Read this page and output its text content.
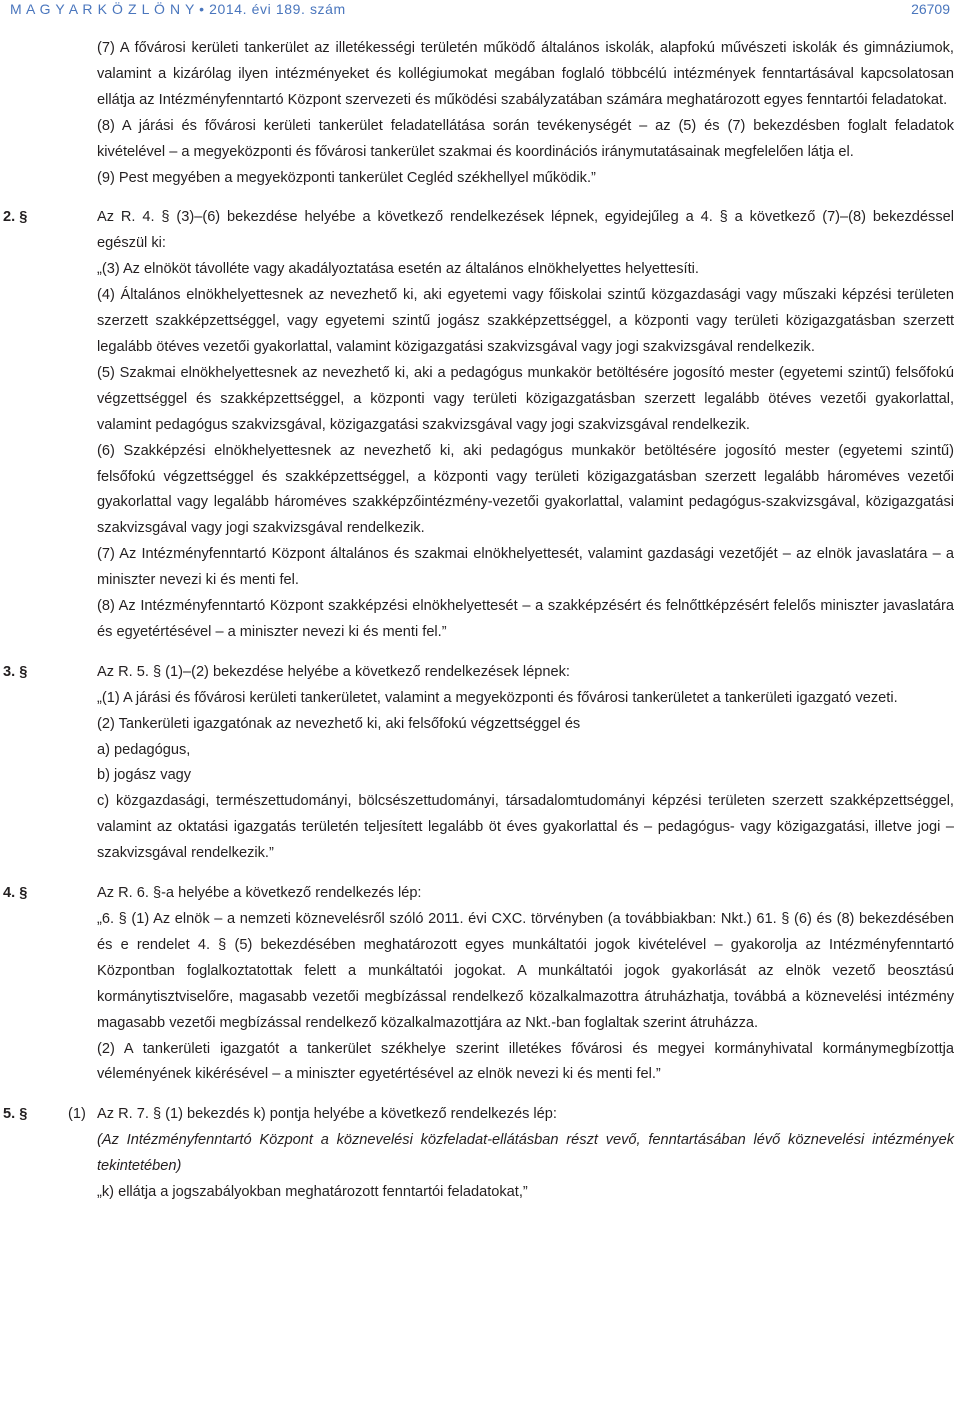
M A G Y A R K Ö Z L Ö N Y • 2014. évi 189. szám	26709
(7) A fővárosi kerületi tankerület az illetékességi területén működő általános iskolák, alapfokú művészeti iskolák és gimnáziumok, valamint a kizárólag ilyen intézményeket és kollégiumokat megában foglaló többcélú intézmények fenntartásával kapcsolatosan ellátja az Intézményfenntartó Központ szervezeti és működési szabályzatában számára meghatározott egyes fenntartói feladatokat.
(8) A járási és fővárosi kerületi tankerület feladatellátása során tevékenységét – az (5) és (7) bekezdésben foglalt feladatok kivételével – a megyeközponti és fővárosi tankerület szakmai és koordinációs iránymutatásainak megfelelően látja el.
(9) Pest megyében a megyeközponti tankerület Cegléd székhellyel működik.”
2. §	Az R. 4. § (3)–(6) bekezdése helyébe a következő rendelkezések lépnek, egyidejűleg a 4. § a következő (7)–(8) bekezdéssel egészül ki:
„(3) Az elnököt távolléte vagy akadályoztatása esetén az általános elnökhelyettes helyettesíti.
(4) Általános elnökhelyettesnek az nevezhető ki, aki egyetemi vagy főiskolai szintű közgazdasági vagy műszaki képzési területen szerzett szakképzettséggel, vagy egyetemi szintű jogász szakképzettséggel, a központi vagy területi közigazgatásban szerzett legalább ötéves vezetői gyakorlattal, valamint közigazgatási szakvizsgával vagy jogi szakvizsgával rendelkezik.
(5) Szakmai elnökhelyettesnek az nevezhető ki, aki a pedagógus munkakör betöltésére jogosító mester (egyetemi szintű) felsőfokú végzettséggel és szakképzettséggel, a központi vagy területi közigazgatásban szerzett legalább ötéves vezetői gyakorlattal, valamint pedagógus szakvizsgával, közigazgatási szakvizsgával vagy jogi szakvizsgával rendelkezik.
(6) Szakképzési elnökhelyettesnek az nevezhető ki, aki pedagógus munkakör betöltésére jogosító mester (egyetemi szintű) felsőfokú végzettséggel és szakképzettséggel, a központi vagy területi közigazgatásban szerzett legalább hároméves vezetői gyakorlattal vagy legalább hároméves szakképzőintézmény-vezetői gyakorlattal, valamint pedagógus-szakvizsgával, közigazgatási szakvizsgával vagy jogi szakvizsgával rendelkezik.
(7) Az Intézményfenntartó Központ általános és szakmai elnökhelyettesét, valamint gazdasági vezetőjét – az elnök javaslatára – a miniszter nevezi ki és menti fel.
(8) Az Intézményfenntartó Központ szakképzési elnökhelyettesét – a szakképzésért és felnőttképzésért felelős miniszter javaslatára és egyetértésével – a miniszter nevezi ki és menti fel.”
3. §	Az R. 5. § (1)–(2) bekezdése helyébe a következő rendelkezések lépnek:
„(1) A járási és fővárosi kerületi tankerületet, valamint a megyeközponti és fővárosi tankerületet a tankerületi igazgató vezeti.
(2) Tankerületi igazgatónak az nevezhető ki, aki felsőfokú végzettséggel és
a) pedagógus,
b) jogász vagy
c) közgazdasági, természettudományi, bölcsészettudományi, társadalomtudományi képzési területen szerzett szakképzettséggel, valamint az oktatási igazgatás területén teljesített legalább öt éves gyakorlattal és – pedagógus- vagy közigazgatási, illetve jogi – szakvizsgával rendelkezik.”
4. §	Az R. 6. §-a helyébe a következő rendelkezés lép:
„6. § (1) Az elnök – a nemzeti köznevelésről szóló 2011. évi CXC. törvényben (a továbbiakban: Nkt.) 61. § (6) és (8) bekezdésében és e rendelet 4. § (5) bekezdésében meghatározott egyes munkáltatói jogok kivételével – gyakorolja az Intézményfenntartó Központban foglalkoztatottak felett a munkáltatói jogokat. A munkáltatói jogok gyakorlását az elnök vezető beosztású kormánytisztviselőre, magasabb vezetői megbízással rendelkező közalkalmazottra átruházhatja, továbbá a köznevelési intézmény magasabb vezetői megbízással rendelkező közalkalmazottjára az Nkt.-ban foglaltak szerint átruházza.
(2) A tankerületi igazgatót a tankerület székhelye szerint illetékes fővárosi és megyei kormányhivatal kormánymegbízottja véleményének kikérésével – a miniszter egyetértésével az elnök nevezi ki és menti fel.”
5. §	(1) Az R. 7. § (1) bekezdés k) pontja helyébe a következő rendelkezés lép:
(Az Intézményfenntartó Központ a köznevelési közfeladat-ellátásban részt vevő, fenntartásában lévő köznevelési intézmények tekintetében)
„k) ellátja a jogszabályokban meghatározott fenntartói feladatokat,”
